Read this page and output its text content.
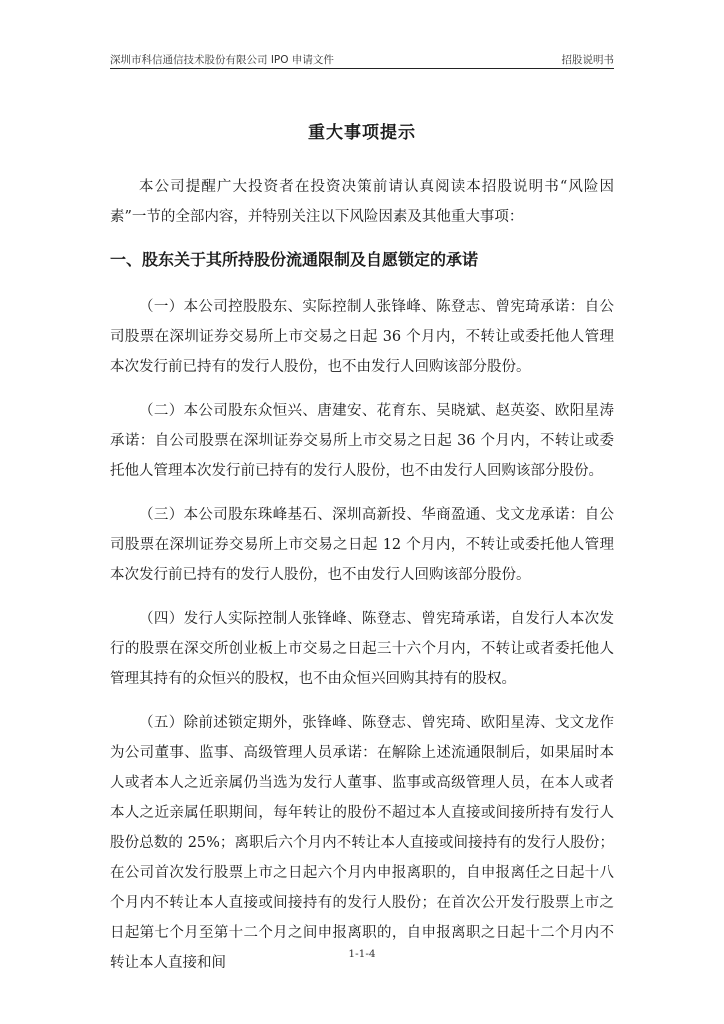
深圳市科信通信技术股份有限公司 IPO 申请文件	招股说明书
重大事项提示

本公司提醒广大投资者在投资决策前请认真阅读本招股说明书“风险因素”一节的全部内容，并特别关注以下风险因素及其他重大事项：

一、股东关于其所持股份流通限制及自愿锁定的承诺

（一）本公司控股股东、实际控制人张锋峰、陈登志、曾宪琦承诺：自公司股票在深圳证券交易所上市交易之日起 36 个月内，不转让或委托他人管理本次发行前已持有的发行人股份，也不由发行人回购该部分股份。

（二）本公司股东众恒兴、唐建安、花育东、吴晓斌、赵英姿、欧阳星涛承诺：自公司股票在深圳证券交易所上市交易之日起 36 个月内，不转让或委托他人管理本次发行前已持有的发行人股份，也不由发行人回购该部分股份。

（三）本公司股东珠峰基石、深圳高新投、华商盈通、戈文龙承诺：自公司股票在深圳证券交易所上市交易之日起 12 个月内，不转让或委托他人管理本次发行前已持有的发行人股份，也不由发行人回购该部分股份。

（四）发行人实际控制人张锋峰、陈登志、曾宪琦承诺，自发行人本次发行的股票在深交所创业板上市交易之日起三十六个月内，不转让或者委托他人管理其持有的众恒兴的股权，也不由众恒兴回购其持有的股权。

（五）除前述锁定期外，张锋峰、陈登志、曾宪琦、欧阳星涛、戈文龙作为公司董事、监事、高级管理人员承诺：在解除上述流通限制后，如果届时本人或者本人之近亲属仍当选为发行人董事、监事或高级管理人员，在本人或者本人之近亲属任职期间，每年转让的股份不超过本人直接或间接所持有发行人股份总数的 25%；离职后六个月内不转让本人直接或间接持有的发行人股份；在公司首次发行股票上市之日起六个月内申报离职的，自申报离任之日起十八个月内不转让本人直接或间接持有的发行人股份；在首次公开发行股票上市之日起第七个月至第十二个月之间申报离职的，自申报离职之日起十二个月内不转让本人直接和间

1-1-4
